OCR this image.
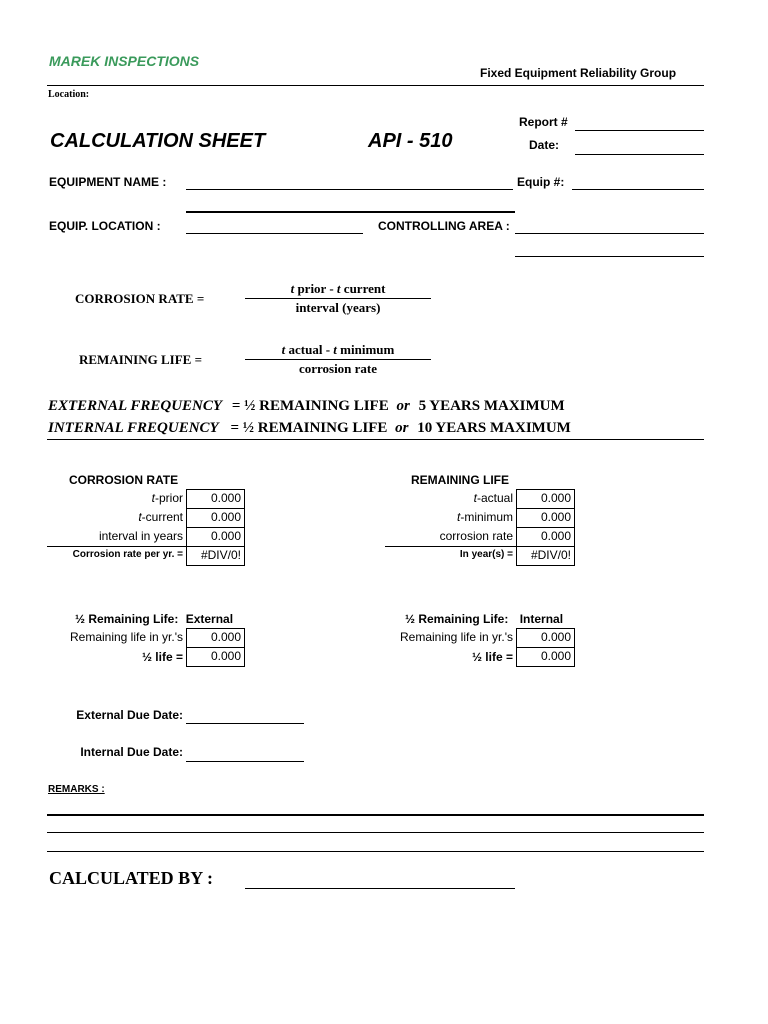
MAREK INSPECTIONS
Fixed Equipment Reliability Group
Location:
Report #
CALCULATION SHEET	API - 510	Date:
EQUIPMENT NAME :	Equip #:
EQUIP. LOCATION :	CONTROLLING AREA :
CORROSION RATE =
t prior - t current
interval (years)
REMAINING LIFE =
t actual - t minimum
corrosion rate
EXTERNAL FREQUENCY = ½ REMAINING LIFE or 5 YEARS MAXIMUM
INTERNAL FREQUENCY = ½ REMAINING LIFE or 10 YEARS MAXIMUM
CORROSION RATE
t-prior	0.000
t-current	0.000
interval in years	0.000
Corrosion rate per yr. =	#DIV/0!
REMAINING LIFE
t-actual	0.000
t-minimum	0.000
corrosion rate	0.000
In year(s) =	#DIV/0!
½ Remaining Life: External
Remaining life in yr.'s	0.000
½ life =	0.000
½ Remaining Life: Internal
Remaining life in yr.'s	0.000
½ life =	0.000
External Due Date:
Internal Due Date:
REMARKS :
CALCULATED BY :
